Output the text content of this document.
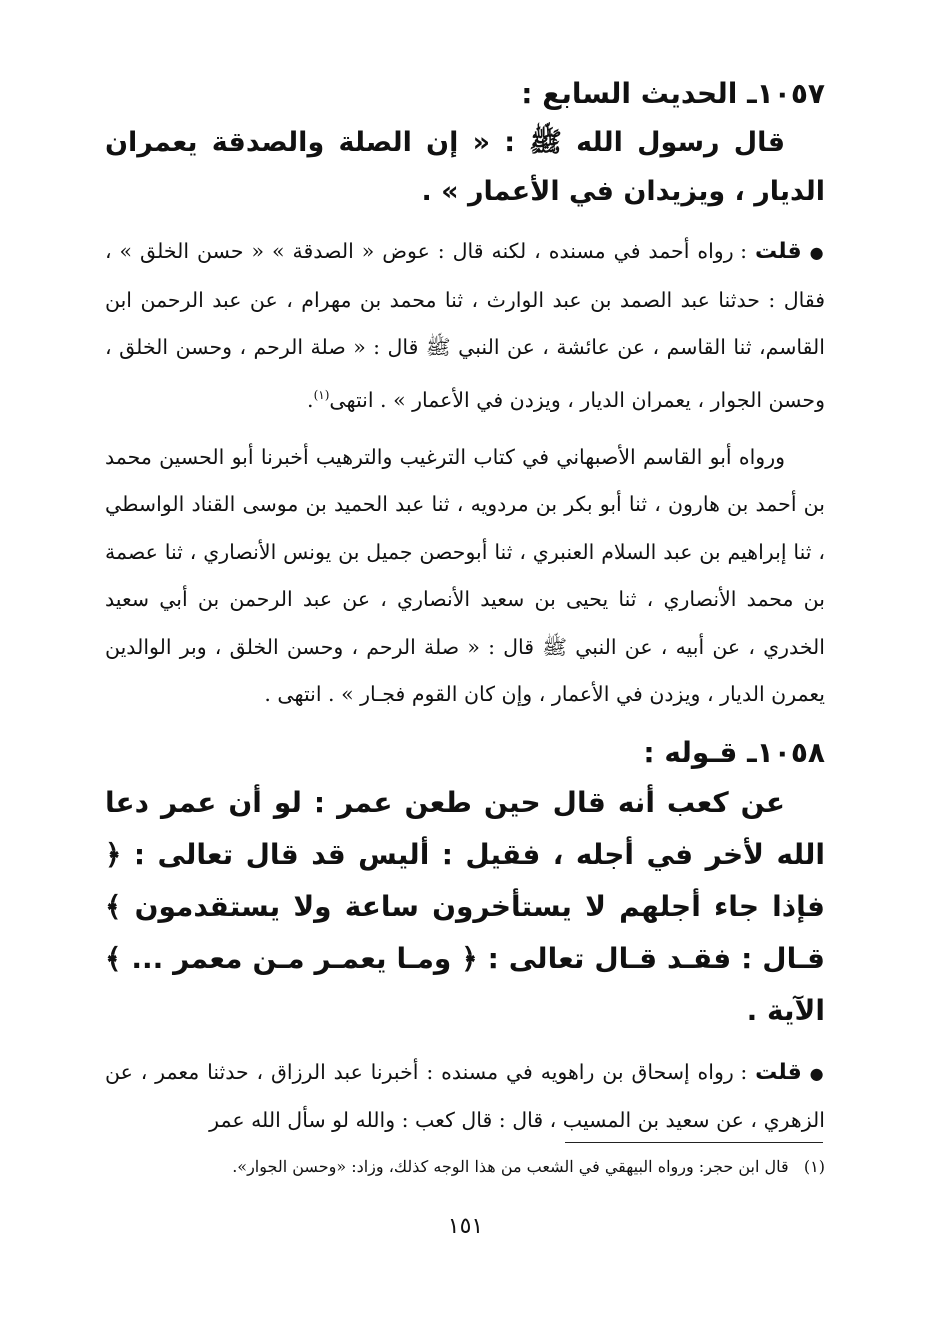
١٠٥٧ـ الحديث السابع :

قال رسول الله ﷺ : « إن الصلة والصدقة يعمران الديار ، ويزيدان في الأعمار » .

● قلت : رواه أحمد في مسنده ، لكنه قال : عوض « الصدقة » « حسن الخلق » ، فقال : حدثنا عبد الصمد بن عبد الوارث ، ثنا محمد بن مهرام ، عن عبد الرحمن ابن القاسم، ثنا القاسم ، عن عائشة ، عن النبي ﷺ قال : « صلة الرحم ، وحسن الخلق ، وحسن الجوار ، يعمران الديار ، ويزدن في الأعمار » . انتهى$^{(١)}$.

ورواه أبو القاسم الأصبهاني في كتاب الترغيب والترهيب أخبرنا أبو الحسين محمد بن أحمد بن هارون ، ثنا أبو بكر بن مردويه ، ثنا عبد الحميد بن موسى القناد الواسطي ، ثنا إبراهيم بن عبد السلام العنبري ، ثنا أبوحصن جميل بن يونس الأنصاري ، ثنا عصمة بن محمد الأنصاري ، ثنا يحيى بن سعيد الأنصاري ، عن عبد الرحمن بن أبي سعيد الخدري ، عن أبيه ، عن النبي ﷺ قال : « صلة الرحم ، وحسن الخلق ، وبر الوالدين يعمرن الديار ، ويزدن في الأعمار ، وإن كان القوم فجـار » . انتهى .

١٠٥٨ـ قـوله :

عن كعب أنه قال حين طعن عمر : لو أن عمر دعا الله لأخر في أجله ، فقيل : أليس قد قال تعالى : ﴿ فإذا جاء أجلهم لا يستأخرون ساعة ولا يستقدمون ﴾ قـال : فقـد قـال تعالى : ﴿ ومـا يعمـر مـن معمر ... ﴾ الآية .

● قلت : رواه إسحاق بن راهويه في مسنده : أخبرنا عبد الرزاق ، حدثنا معمر ، عن الزهري ، عن سعيد بن المسيب ، قال : قال كعب : والله لو سأل الله عمر

(١)   قال ابن حجر: ورواه البيهقي في الشعب من هذا الوجه كذلك، وزاد: «وحسن الجوار».
١٥١
